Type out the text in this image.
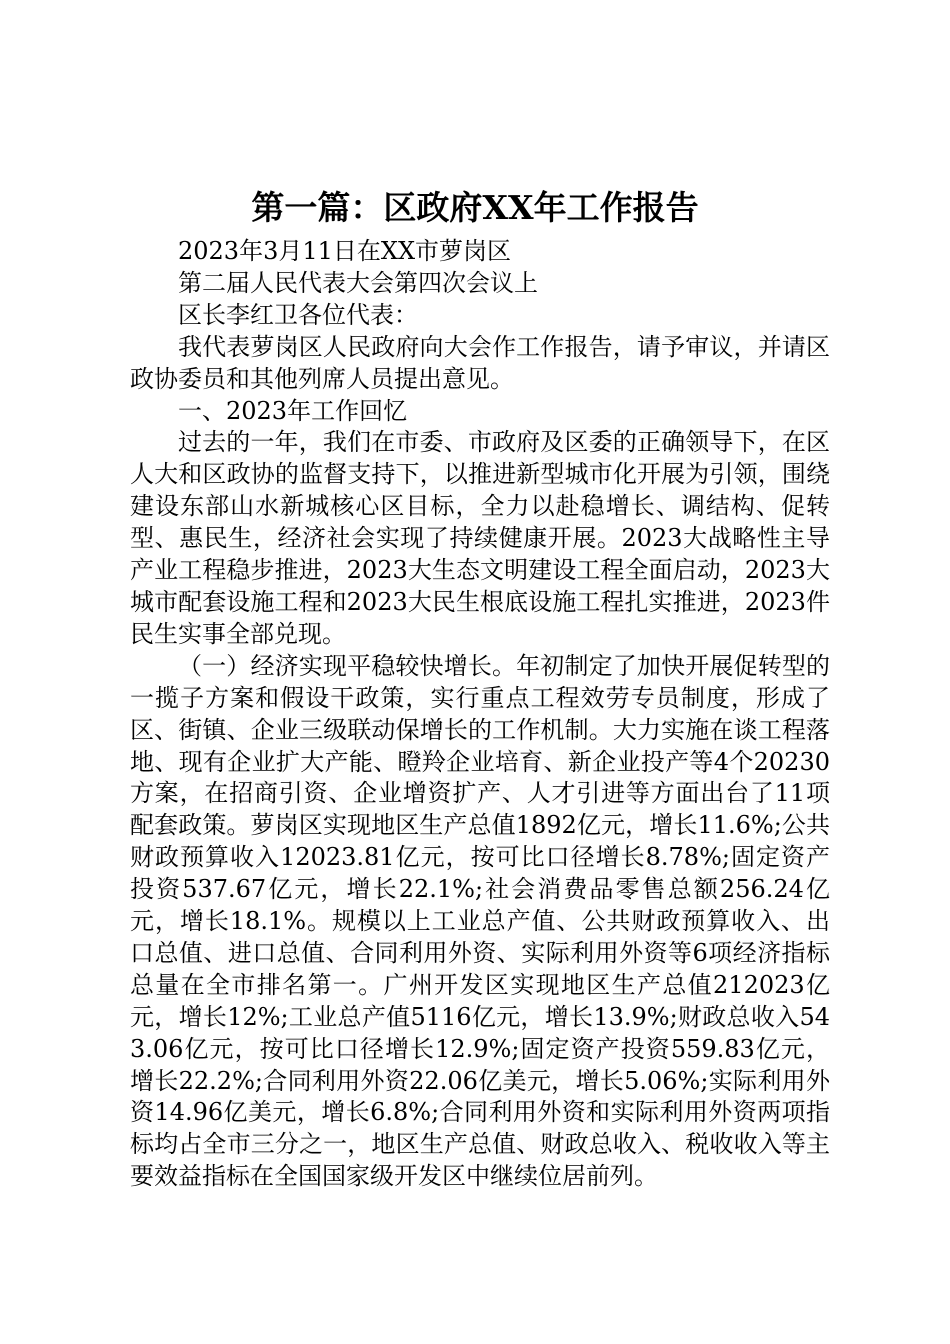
第一篇：区政府XX年工作报告

2023年3月11日在XX市萝岗区

第二届人民代表大会第四次会议上

区长李红卫各位代表：

我代表萝岗区人民政府向大会作工作报告，请予审议，并请区政协委员和其他列席人员提出意见。

一、2023年工作回忆

过去的一年，我们在市委、市政府及区委的正确领导下，在区人大和区政协的监督支持下，以推进新型城市化开展为引领，围绕建设东部山水新城核心区目标，全力以赴稳增长、调结构、促转型、惠民生，经济社会实现了持续健康开展。2023大战略性主导产业工程稳步推进，2023大生态文明建设工程全面启动，2023大城市配套设施工程和2023大民生根底设施工程扎实推进，2023件民生实事全部兑现。

（一）经济实现平稳较快增长。年初制定了加快开展促转型的一揽子方案和假设干政策，实行重点工程效劳专员制度，形成了区、街镇、企业三级联动保增长的工作机制。大力实施在谈工程落地、现有企业扩大产能、瞪羚企业培育、新企业投产等4个20230方案，在招商引资、企业增资扩产、人才引进等方面出台了11项配套政策。萝岗区实现地区生产总值1892亿元，增长11.6%;公共财政预算收入12023.81亿元，按可比口径增长8.78%;固定资产投资537.67亿元，增长22.1%;社会消费品零售总额256.24亿元，增长18.1%。规模以上工业总产值、公共财政预算收入、出口总值、进口总值、合同利用外资、实际利用外资等6项经济指标总量在全市排名第一。广州开发区实现地区生产总值212023亿元，增长12%;工业总产值5116亿元，增长13.9%;财政总收入543.06亿元，按可比口径增长12.9%;固定资产投资559.83亿元，增长22.2%;合同利用外资22.06亿美元，增长5.06%;实际利用外资14.96亿美元，增长6.8%;合同利用外资和实际利用外资两项指标均占全市三分之一，地区生产总值、财政总收入、税收收入等主要效益指标在全国国家级开发区中继续位居前列。
